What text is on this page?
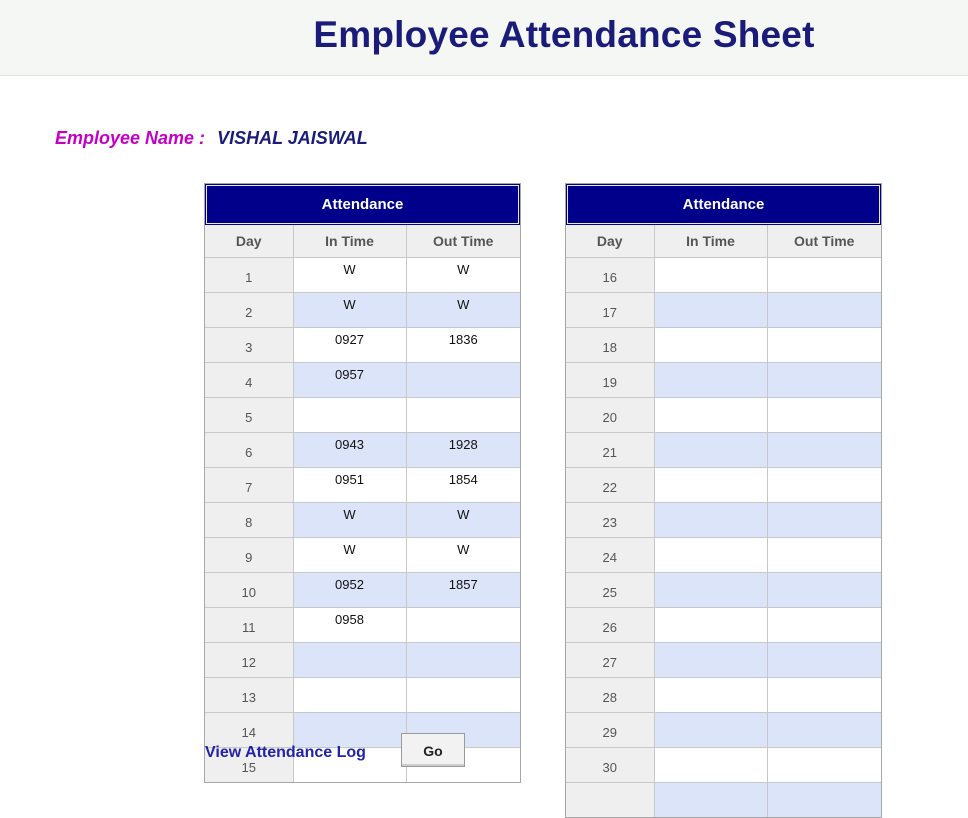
Employee Attendance Sheet
Employee Name : VISHAL JAISWAL
Attendance
Day	In Time	Out Time
1	W	W
2	W	W
3	0927	1836
4	0957	
5		
6	0943	1928
7	0951	1854
8	W	W
9	W	W
10	0952	1857
11	0958	
12		
13		
14		
15		
Attendance
Day	In Time	Out Time
16		
17		
18		
19		
20		
21		
22		
23		
24		
25		
26		
27		
28		
29		
30		

View Attendance Log	Go
